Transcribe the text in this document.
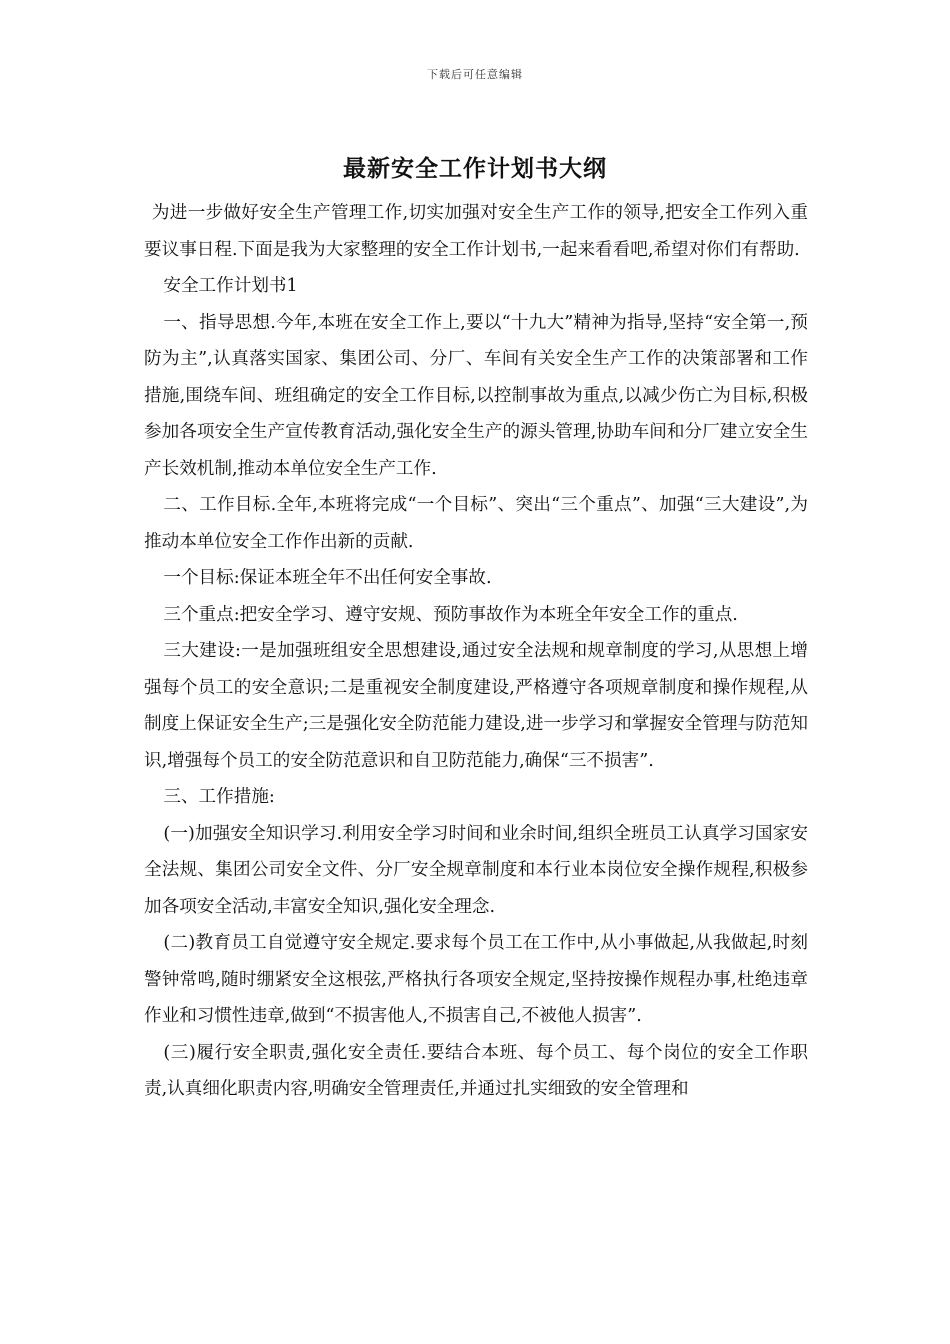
下载后可任意编辑
最新安全工作计划书大纲

为进一步做好安全生产管理工作,切实加强对安全生产工作的领导,把安全工作列入重要议事日程.下面是我为大家整理的安全工作计划书,一起来看看吧,希望对你们有帮助.

安全工作计划书1

一、指导思想.今年,本班在安全工作上,要以“十九大”精神为指导,坚持“安全第一,预防为主”,认真落实国家、集团公司、分厂、车间有关安全生产工作的决策部署和工作措施,围绕车间、班组确定的安全工作目标,以控制事故为重点,以减少伤亡为目标,积极参加各项安全生产宣传教育活动,强化安全生产的源头管理,协助车间和分厂建立安全生产长效机制,推动本单位安全生产工作.

二、工作目标.全年,本班将完成“一个目标”、突出“三个重点”、加强“三大建设”,为推动本单位安全工作作出新的贡献.

一个目标:保证本班全年不出任何安全事故.

三个重点:把安全学习、遵守安规、预防事故作为本班全年安全工作的重点.

三大建设:一是加强班组安全思想建设,通过安全法规和规章制度的学习,从思想上增强每个员工的安全意识;二是重视安全制度建设,严格遵守各项规章制度和操作规程,从制度上保证安全生产;三是强化安全防范能力建设,进一步学习和掌握安全管理与防范知识,增强每个员工的安全防范意识和自卫防范能力,确保“三不损害”.

三、工作措施:

(一)加强安全知识学习.利用安全学习时间和业余时间,组织全班员工认真学习国家安全法规、集团公司安全文件、分厂安全规章制度和本行业本岗位安全操作规程,积极参加各项安全活动,丰富安全知识,强化安全理念.

(二)教育员工自觉遵守安全规定.要求每个员工在工作中,从小事做起,从我做起,时刻警钟常鸣,随时绷紧安全这根弦,严格执行各项安全规定,坚持按操作规程办事,杜绝违章作业和习惯性违章,做到“不损害他人,不损害自己,不被他人损害”.

(三)履行安全职责,强化安全责任.要结合本班、每个员工、每个岗位的安全工作职责,认真细化职责内容,明确安全管理责任,并通过扎实细致的安全管理和
